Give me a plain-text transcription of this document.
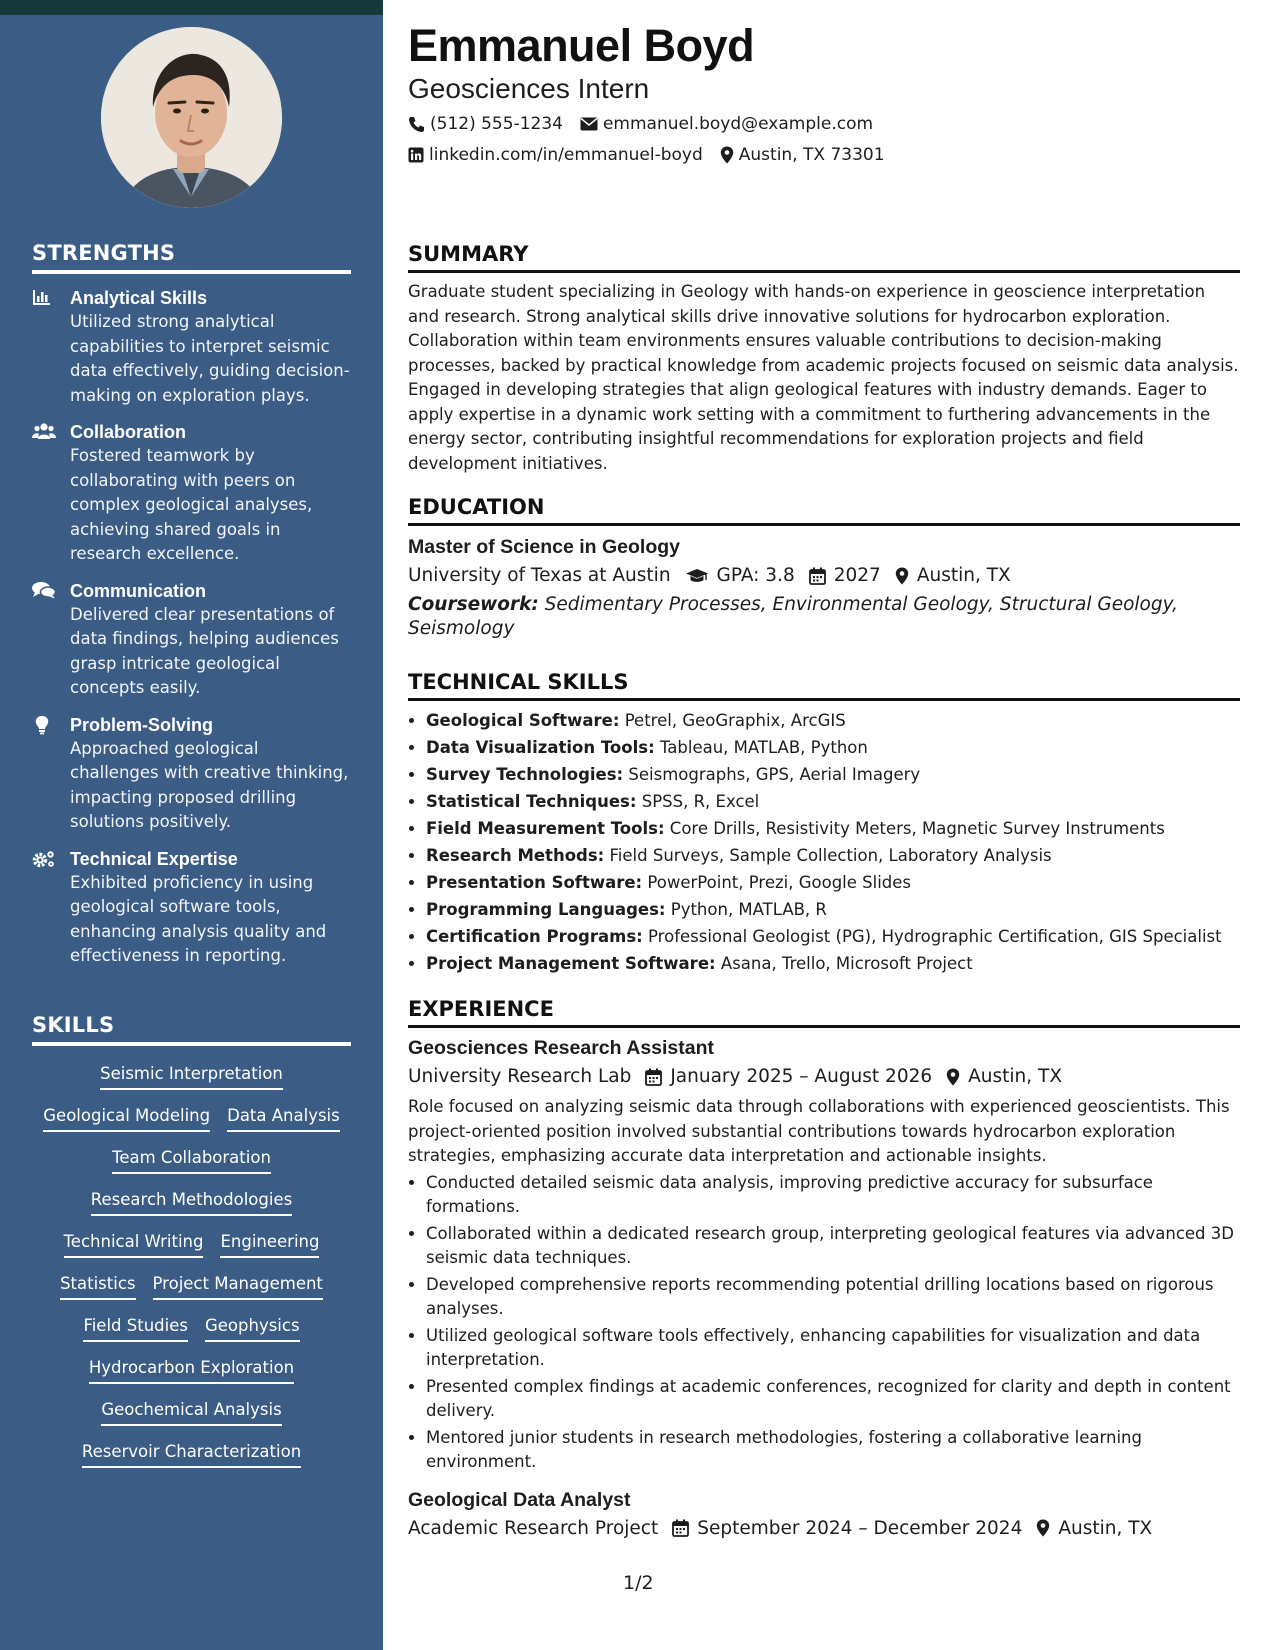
STRENGTHS
Analytical Skills
Utilized strong analytical capabilities to interpret seismic data effectively, guiding decision-making on exploration plays.
Collaboration
Fostered teamwork by collaborating with peers on complex geological analyses, achieving shared goals in research excellence.
Communication
Delivered clear presentations of data findings, helping audiences grasp intricate geological concepts easily.
Problem-Solving
Approached geological challenges with creative thinking, impacting proposed drilling solutions positively.
Technical Expertise
Exhibited proficiency in using geological software tools, enhancing analysis quality and effectiveness in reporting.
SKILLS
Seismic Interpretation
Geological Modeling Data Analysis
Team Collaboration
Research Methodologies
Technical Writing Engineering
Statistics Project Management
Field Studies Geophysics
Hydrocarbon Exploration
Geochemical Analysis
Reservoir Characterization
Emmanuel Boyd
Geosciences Intern
(512) 555-1234 emmanuel.boyd@example.com
linkedin.com/in/emmanuel-boyd Austin, TX 73301
SUMMARY
Graduate student specializing in Geology with hands-on experience in geoscience interpretation and research. Strong analytical skills drive innovative solutions for hydrocarbon exploration. Collaboration within team environments ensures valuable contributions to decision-making processes, backed by practical knowledge from academic projects focused on seismic data analysis. Engaged in developing strategies that align geological features with industry demands. Eager to apply expertise in a dynamic work setting with a commitment to furthering advancements in the energy sector, contributing insightful recommendations for exploration projects and field development initiatives.
EDUCATION
Master of Science in Geology
University of Texas at Austin GPA: 3.8 2027 Austin, TX
Coursework: Sedimentary Processes, Environmental Geology, Structural Geology, Seismology
TECHNICAL SKILLS
• Geological Software: Petrel, GeoGraphix, ArcGIS
• Data Visualization Tools: Tableau, MATLAB, Python
• Survey Technologies: Seismographs, GPS, Aerial Imagery
• Statistical Techniques: SPSS, R, Excel
• Field Measurement Tools: Core Drills, Resistivity Meters, Magnetic Survey Instruments
• Research Methods: Field Surveys, Sample Collection, Laboratory Analysis
• Presentation Software: PowerPoint, Prezi, Google Slides
• Programming Languages: Python, MATLAB, R
• Certification Programs: Professional Geologist (PG), Hydrographic Certification, GIS Specialist
• Project Management Software: Asana, Trello, Microsoft Project
EXPERIENCE
Geosciences Research Assistant
University Research Lab January 2025 – August 2026 Austin, TX
Role focused on analyzing seismic data through collaborations with experienced geoscientists. This project-oriented position involved substantial contributions towards hydrocarbon exploration strategies, emphasizing accurate data interpretation and actionable insights.
• Conducted detailed seismic data analysis, improving predictive accuracy for subsurface formations.
• Collaborated within a dedicated research group, interpreting geological features via advanced 3D seismic data techniques.
• Developed comprehensive reports recommending potential drilling locations based on rigorous analyses.
• Utilized geological software tools effectively, enhancing capabilities for visualization and data interpretation.
• Presented complex findings at academic conferences, recognized for clarity and depth in content delivery.
• Mentored junior students in research methodologies, fostering a collaborative learning environment.
Geological Data Analyst
Academic Research Project September 2024 – December 2024 Austin, TX
1/2
